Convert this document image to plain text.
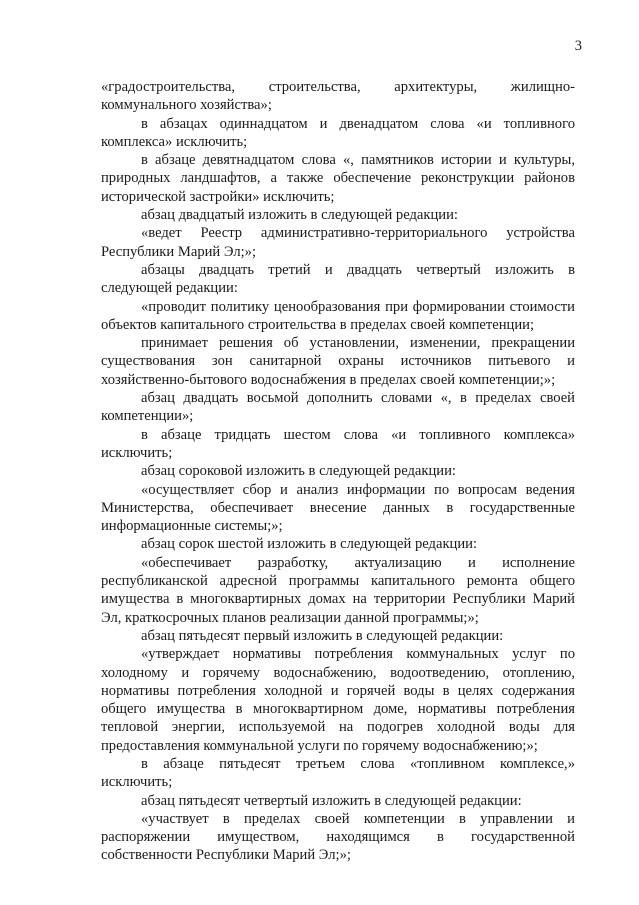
3

«градостроительства, строительства, архитектуры, жилищно-коммунального хозяйства»;

в абзацах одиннадцатом и двенадцатом слова «и топливного комплекса» исключить;

в абзаце девятнадцатом слова «, памятников истории и культуры, природных ландшафтов, а также обеспечение реконструкции районов исторической застройки» исключить;

абзац двадцатый изложить в следующей редакции:

«ведет Реестр административно-территориального устройства Республики Марий Эл;»;

абзацы двадцать третий и двадцать четвертый изложить в следующей редакции:

«проводит политику ценообразования при формировании стоимости объектов капитального строительства в пределах своей компетенции;

принимает решения об установлении, изменении, прекращении существования зон санитарной охраны источников питьевого и хозяйственно-бытового водоснабжения в пределах своей компетенции;»;

абзац двадцать восьмой дополнить словами «, в пределах своей компетенции»;

в абзаце тридцать шестом слова «и топливного комплекса» исключить;

абзац сороковой изложить в следующей редакции:

«осуществляет сбор и анализ информации по вопросам ведения Министерства, обеспечивает внесение данных в государственные информационные системы;»;

абзац сорок шестой изложить в следующей редакции:

«обеспечивает разработку, актуализацию и исполнение республиканской адресной программы капитального ремонта общего имущества в многоквартирных домах на территории Республики Марий Эл, краткосрочных планов реализации данной программы;»;

абзац пятьдесят первый изложить в следующей редакции:

«утверждает нормативы потребления коммунальных услуг по холодному и горячему водоснабжению, водоотведению, отоплению, нормативы потребления холодной и горячей воды в целях содержания общего имущества в многоквартирном доме, нормативы потребления тепловой энергии, используемой на подогрев холодной воды для предоставления коммунальной услуги по горячему водоснабжению;»;

в абзаце пятьдесят третьем слова «топливном комплексе,» исключить;

абзац пятьдесят четвертый изложить в следующей редакции:

«участвует в пределах своей компетенции в управлении и распоряжении имуществом, находящимся в государственной собственности Республики Марий Эл;»;
